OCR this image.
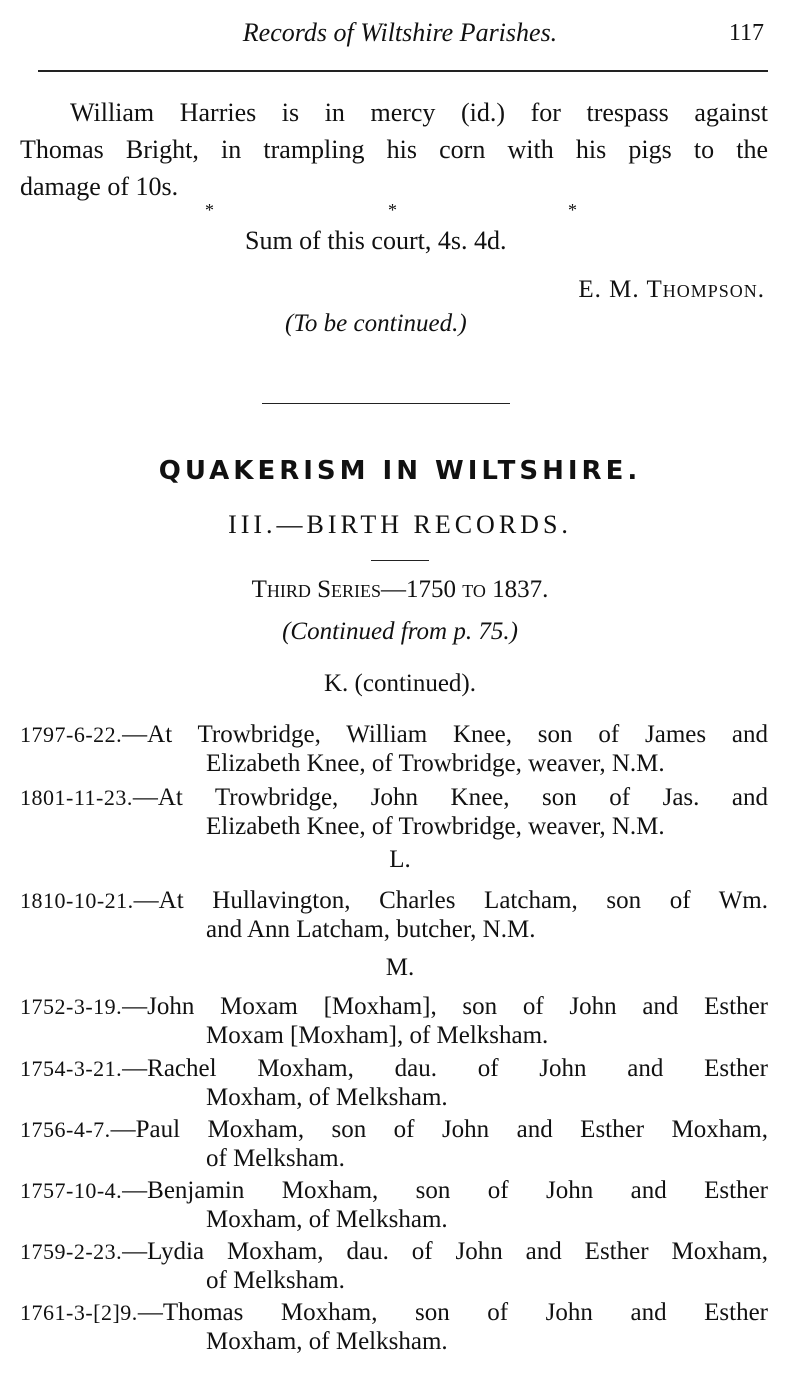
Records of Wiltshire Parishes.	117
William Harries is in mercy (id.) for trespass against
Thomas Bright, in trampling his corn with his pigs to the
damage of 10s.
*	*	*
Sum of this court, 4s. 4d.
E. M. Thompson.
(To be continued.)
QUAKERISM IN WILTSHIRE.
III.—BIRTH RECORDS.
Third Series—1750 to 1837.
(Continued from p. 75.)
K. (continued).
1797-6-22.—At Trowbridge, William Knee, son of James and
Elizabeth Knee, of Trowbridge, weaver, N.M.
1801-11-23.—At Trowbridge, John Knee, son of Jas. and
Elizabeth Knee, of Trowbridge, weaver, N.M.
L.
1810-10-21.—At Hullavington, Charles Latcham, son of Wm.
and Ann Latcham, butcher, N.M.
M.
1752-3-19.—John Moxam [Moxham], son of John and Esther
Moxam [Moxham], of Melksham.
1754-3-21.—Rachel Moxham, dau. of John and Esther
Moxham, of Melksham.
1756-4-7.—Paul Moxham, son of John and Esther Moxham,
of Melksham.
1757-10-4.—Benjamin Moxham, son of John and Esther
Moxham, of Melksham.
1759-2-23.—Lydia Moxham, dau. of John and Esther Moxham,
of Melksham.
1761-3-[2]9.—Thomas Moxham, son of John and Esther
Moxham, of Melksham.
